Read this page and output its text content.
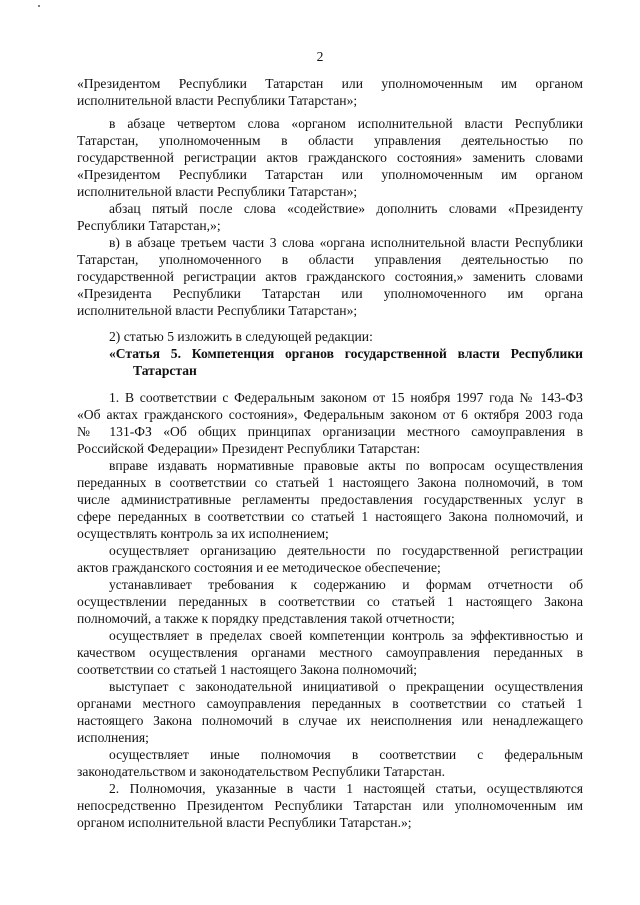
2
«Президентом Республики Татарстан или уполномоченным им органом
исполнительной власти Республики Татарстан»;
в абзаце четвертом слова «органом исполнительной власти Республики
Татарстан, уполномоченным в области управления деятельностью по
государственной регистрации актов гражданского состояния» заменить словами
«Президентом Республики Татарстан или уполномоченным им органом
исполнительной власти Республики Татарстан»;
абзац пятый после слова «содействие» дополнить словами «Президенту
Республики Татарстан,»;
в) в абзаце третьем части 3 слова «органа исполнительной власти Республики
Татарстан, уполномоченного в области управления деятельностью по
государственной регистрации актов гражданского состояния,» заменить словами
«Президента Республики Татарстан или уполномоченного им органа
исполнительной власти Республики Татарстан»;
2) статью 5 изложить в следующей редакции:
«Статья 5. Компетенция органов государственной власти Республики
Татарстан
1. В соответствии с Федеральным законом от 15 ноября 1997 года № 143-ФЗ
«Об актах гражданского состояния», Федеральным законом от 6 октября 2003 года
№ 131-ФЗ «Об общих принципах организации местного самоуправления в
Российской Федерации» Президент Республики Татарстан:
вправе издавать нормативные правовые акты по вопросам осуществления
переданных в соответствии со статьей 1 настоящего Закона полномочий, в том
числе административные регламенты предоставления государственных услуг в
сфере переданных в соответствии со статьей 1 настоящего Закона полномочий, и
осуществлять контроль за их исполнением;
осуществляет организацию деятельности по государственной регистрации
актов гражданского состояния и ее методическое обеспечение;
устанавливает требования к содержанию и формам отчетности об
осуществлении переданных в соответствии со статьей 1 настоящего Закона
полномочий, а также к порядку представления такой отчетности;
осуществляет в пределах своей компетенции контроль за эффективностью и
качеством осуществления органами местного самоуправления переданных в
соответствии со статьей 1 настоящего Закона полномочий;
выступает с законодательной инициативой о прекращении осуществления
органами местного самоуправления переданных в соответствии со статьей 1
настоящего Закона полномочий в случае их неисполнения или ненадлежащего
исполнения;
осуществляет иные полномочия в соответствии с федеральным
законодательством и законодательством Республики Татарстан.
2. Полномочия, указанные в части 1 настоящей статьи, осуществляются
непосредственно Президентом Республики Татарстан или уполномоченным им
органом исполнительной власти Республики Татарстан.»;
